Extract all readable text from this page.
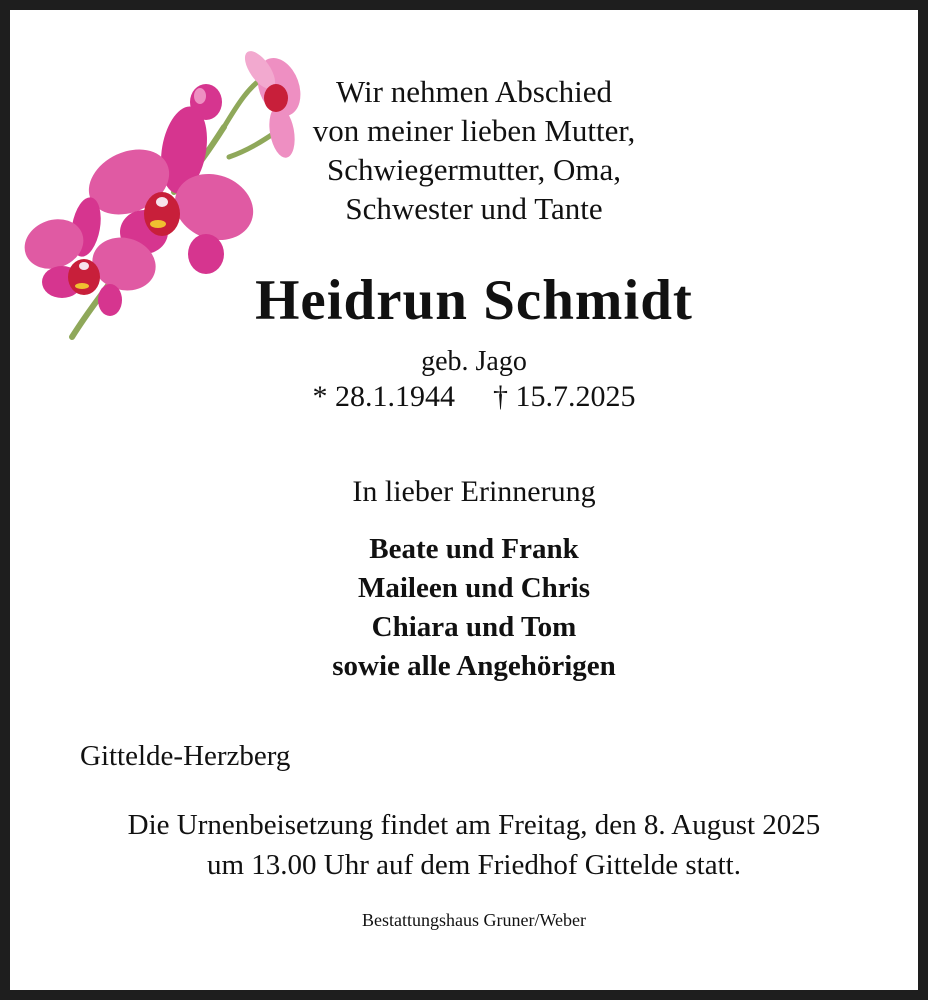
Wir nehmen Abschied
von meiner lieben Mutter,
Schwiegermutter, Oma,
Schwester und Tante
Heidrun Schmidt
geb. Jago
* 28.1.1944 † 15.7.2025
In lieber Erinnerung
Beate und Frank
Maileen und Chris
Chiara und Tom
sowie alle Angehörigen
Gittelde-Herzberg
Die Urnenbeisetzung findet am Freitag, den 8. August 2025
um 13.00 Uhr auf dem Friedhof Gittelde statt.
Bestattungshaus Gruner/Weber
